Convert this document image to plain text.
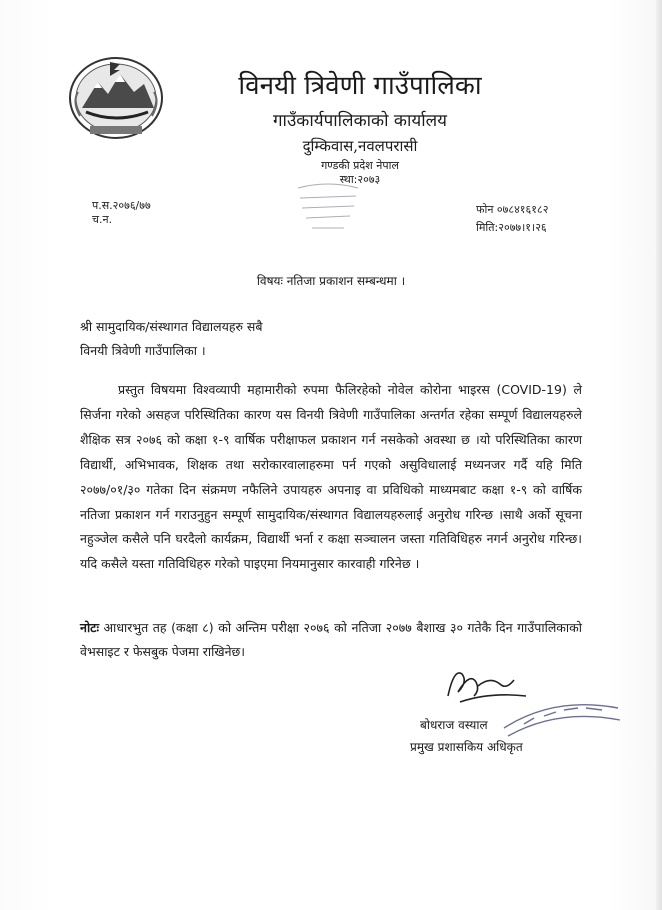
विनयी त्रिवेणी गाउँपालिका
गाउँकार्यपालिकाको कार्यालय
दुम्किवास,नवलपरासी
गण्डकी प्रदेश नेपाल
स्था:२०७३
प.स.२०७६/७७
च.न.
फोन ०७८४१६१८२
मिति:२०७७।१।२६
विषयः नतिजा प्रकाशन सम्बन्धमा ।
श्री सामुदायिक/संस्थागत विद्यालयहरु सबै
विनयी त्रिवेणी गाउँपालिका ।
प्रस्तुत विषयमा विश्वव्यापी महामारीको रुपमा फैलिरहेको नोवेल कोरोना भाइरस (COVID-19) ले सिर्जना गरेको असहज परिस्थितिका कारण यस विनयी त्रिवेणी गाउँपालिका अन्तर्गत रहेका सम्पूर्ण विद्यालयहरुले शैक्षिक सत्र २०७६ को कक्षा १-९ वार्षिक परीक्षाफल प्रकाशन गर्न नसकेको अवस्था छ ।यो परिस्थितिका कारण विद्यार्थी, अभिभावक, शिक्षक तथा सरोकारवालाहरुमा पर्न गएको असुविधालाई मध्यनजर गर्दै यहि मिति २०७७/०१/३० गतेका दिन संक्रमण नफैलिने उपायहरु अपनाइ वा प्रविधिको माध्यमबाट कक्षा १-९ को वार्षिक नतिजा प्रकाशन गर्न गराउनुहुन सम्पूर्ण सामुदायिक/संस्थागत विद्यालयहरुलाई अनुरोध गरिन्छ ।साथै अर्को सूचना नहुञ्जेल कसैले पनि घरदैलो कार्यक्रम, विद्यार्थी भर्ना र कक्षा सञ्चालन जस्ता गतिविधिहरु नगर्न अनुरोध गरिन्छ। यदि कसैले यस्ता गतिविधिहरु गरेको पाइएमा नियमानुसार कारवाही गरिनेछ ।
नोटः आधारभुत तह (कक्षा ८) को अन्तिम परीक्षा २०७६ को नतिजा २०७७ बैशाख ३० गतेकै दिन गाउँपालिकाको वेभसाइट र फेसबुक पेजमा राखिनेछ।
बोधराज वस्याल
प्रमुख प्रशासकिय अधिकृत
